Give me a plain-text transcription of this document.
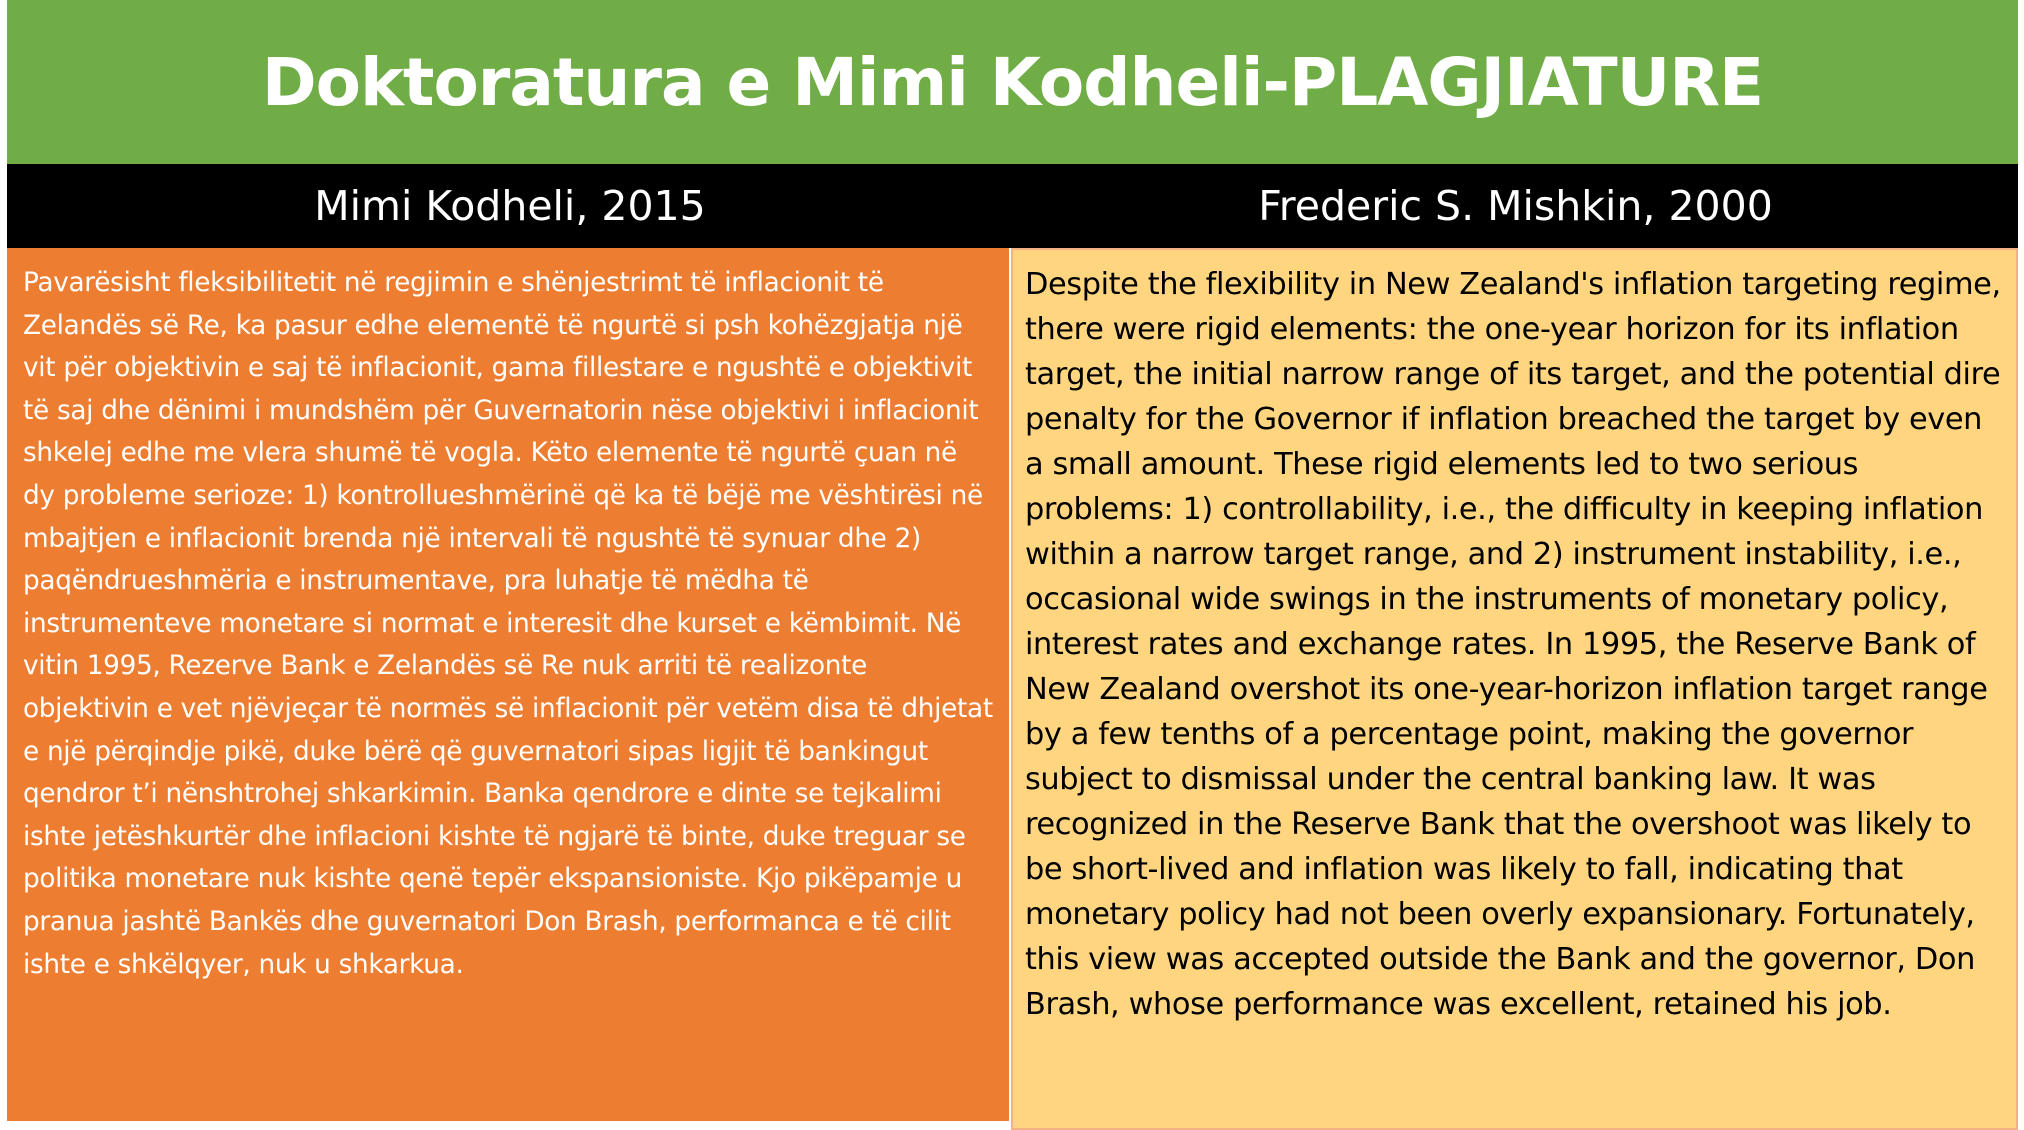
Doktoratura e Mimi Kodheli-PLAGJIATURE
Mimi Kodheli, 2015	Frederic S. Mishkin, 2000

Pavarësisht fleksibilitetit në regjimin e shënjestrimt të inflacionit të Zelandës së Re, ka pasur edhe elementë të ngurtë si psh kohëzgjatja një vit për objektivin e saj të inflacionit, gama fillestare e ngushtë e objektivit të saj dhe dënimi i mundshëm për Guvernatorin nëse objektivi i inflacionit shkelej edhe me vlera shumë të vogla. Këto elemente të ngurtë çuan në dy probleme serioze: 1) kontrollueshmërinë që ka të bëjë me vështirësi në mbajtjen e inflacionit brenda një intervali të ngushtë të synuar dhe 2) paqëndrueshmëria e instrumentave, pra luhatje të mëdha të instrumenteve monetare si normat e interesit dhe kurset e këmbimit. Në vitin 1995, Rezerve Bank e Zelandës së Re nuk arriti të realizonte objektivin e vet njëvjeçar të normës së inflacionit për vetëm disa të dhjetat e një përqindje pikë, duke bërë që guvernatori sipas ligjit të bankingut qendror t’i nënshtrohej shkarkimin. Banka qendrore e dinte se tejkalimi ishte jetëshkurtër dhe inflacioni kishte të ngjarë të binte, duke treguar se politika monetare nuk kishte qenë tepër ekspansioniste. Kjo pikëpamje u pranua jashtë Bankës dhe guvernatori Don Brash, performanca e të cilit ishte e shkëlqyer, nuk u shkarkua.

Despite the flexibility in New Zealand's inflation targeting regime, there were rigid elements: the one-year horizon for its inflation target, the initial narrow range of its target, and the potential dire penalty for the Governor if inflation breached the target by even a small amount. These rigid elements led to two serious problems: 1) controllability, i.e., the difficulty in keeping inflation within a narrow target range, and 2) instrument instability, i.e., occasional wide swings in the instruments of monetary policy, interest rates and exchange rates. In 1995, the Reserve Bank of New Zealand overshot its one-year-horizon inflation target range by a few tenths of a percentage point, making the governor subject to dismissal under the central banking law. It was recognized in the Reserve Bank that the overshoot was likely to be short-lived and inflation was likely to fall, indicating that monetary policy had not been overly expansionary. Fortunately, this view was accepted outside the Bank and the governor, Don Brash, whose performance was excellent, retained his job.
